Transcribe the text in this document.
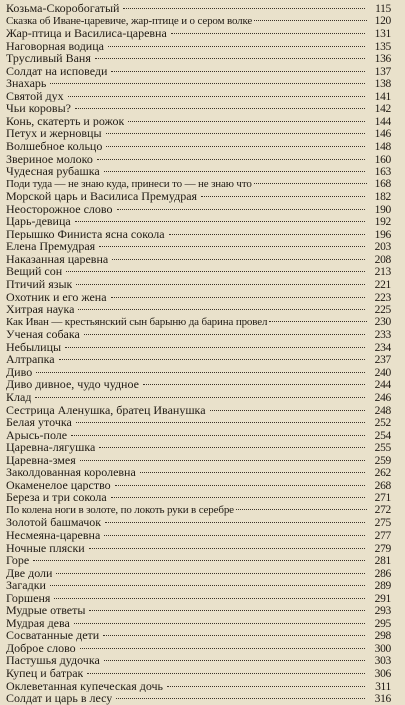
Козьма-Скоробогатый	115
Сказка об Иване-царевиче, жар-птице и о сером волке	120
Жар-птица и Василиса-царевна	131
Наговорная водица	135
Трусливый Ваня	136
Солдат на исповеди	137
Знахарь	138
Святой дух	141
Чьи коровы?	142
Конь, скатерть и рожок	144
Петух и жерновцы	146
Волшебное кольцо	148
Звериное молоко	160
Чудесная рубашка	163
Поди туда — не знаю куда, принеси то — не знаю что	168
Морской царь и Василиса Премудрая	182
Неосторожное слово	190
Царь-девица	192
Перышко Финиста ясна сокола	196
Елена Премудрая	203
Наказанная царевна	208
Вещий сон	213
Птичий язык	221
Охотник и его жена	223
Хитрая наука	225
Как Иван — крестьянский сын барыню да барина провел	230
Ученая собака	233
Небылицы	234
Алтрапка	237
Диво	240
Диво дивное, чудо чудное	244
Клад	246
Сестрица Аленушка, братец Иванушка	248
Белая уточка	252
Арысь-поле	254
Царевна-лягушка	255
Царевна-змея	259
Заколдованная королевна	262
Окаменелое царство	268
Береза и три сокола	271
По колена ноги в золоте, по локоть руки в серебре	272
Золотой башмачок	275
Несмеяна-царевна	277
Ночные пляски	279
Горе	281
Две доли	286
Загадки	289
Горшеня	291
Мудрые ответы	293
Мудрая дева	295
Сосватанные дети	298
Доброе слово	300
Пастушья дудочка	303
Купец и батрак	306
Оклеветанная купеческая дочь	311
Солдат и царь в лесу	316
